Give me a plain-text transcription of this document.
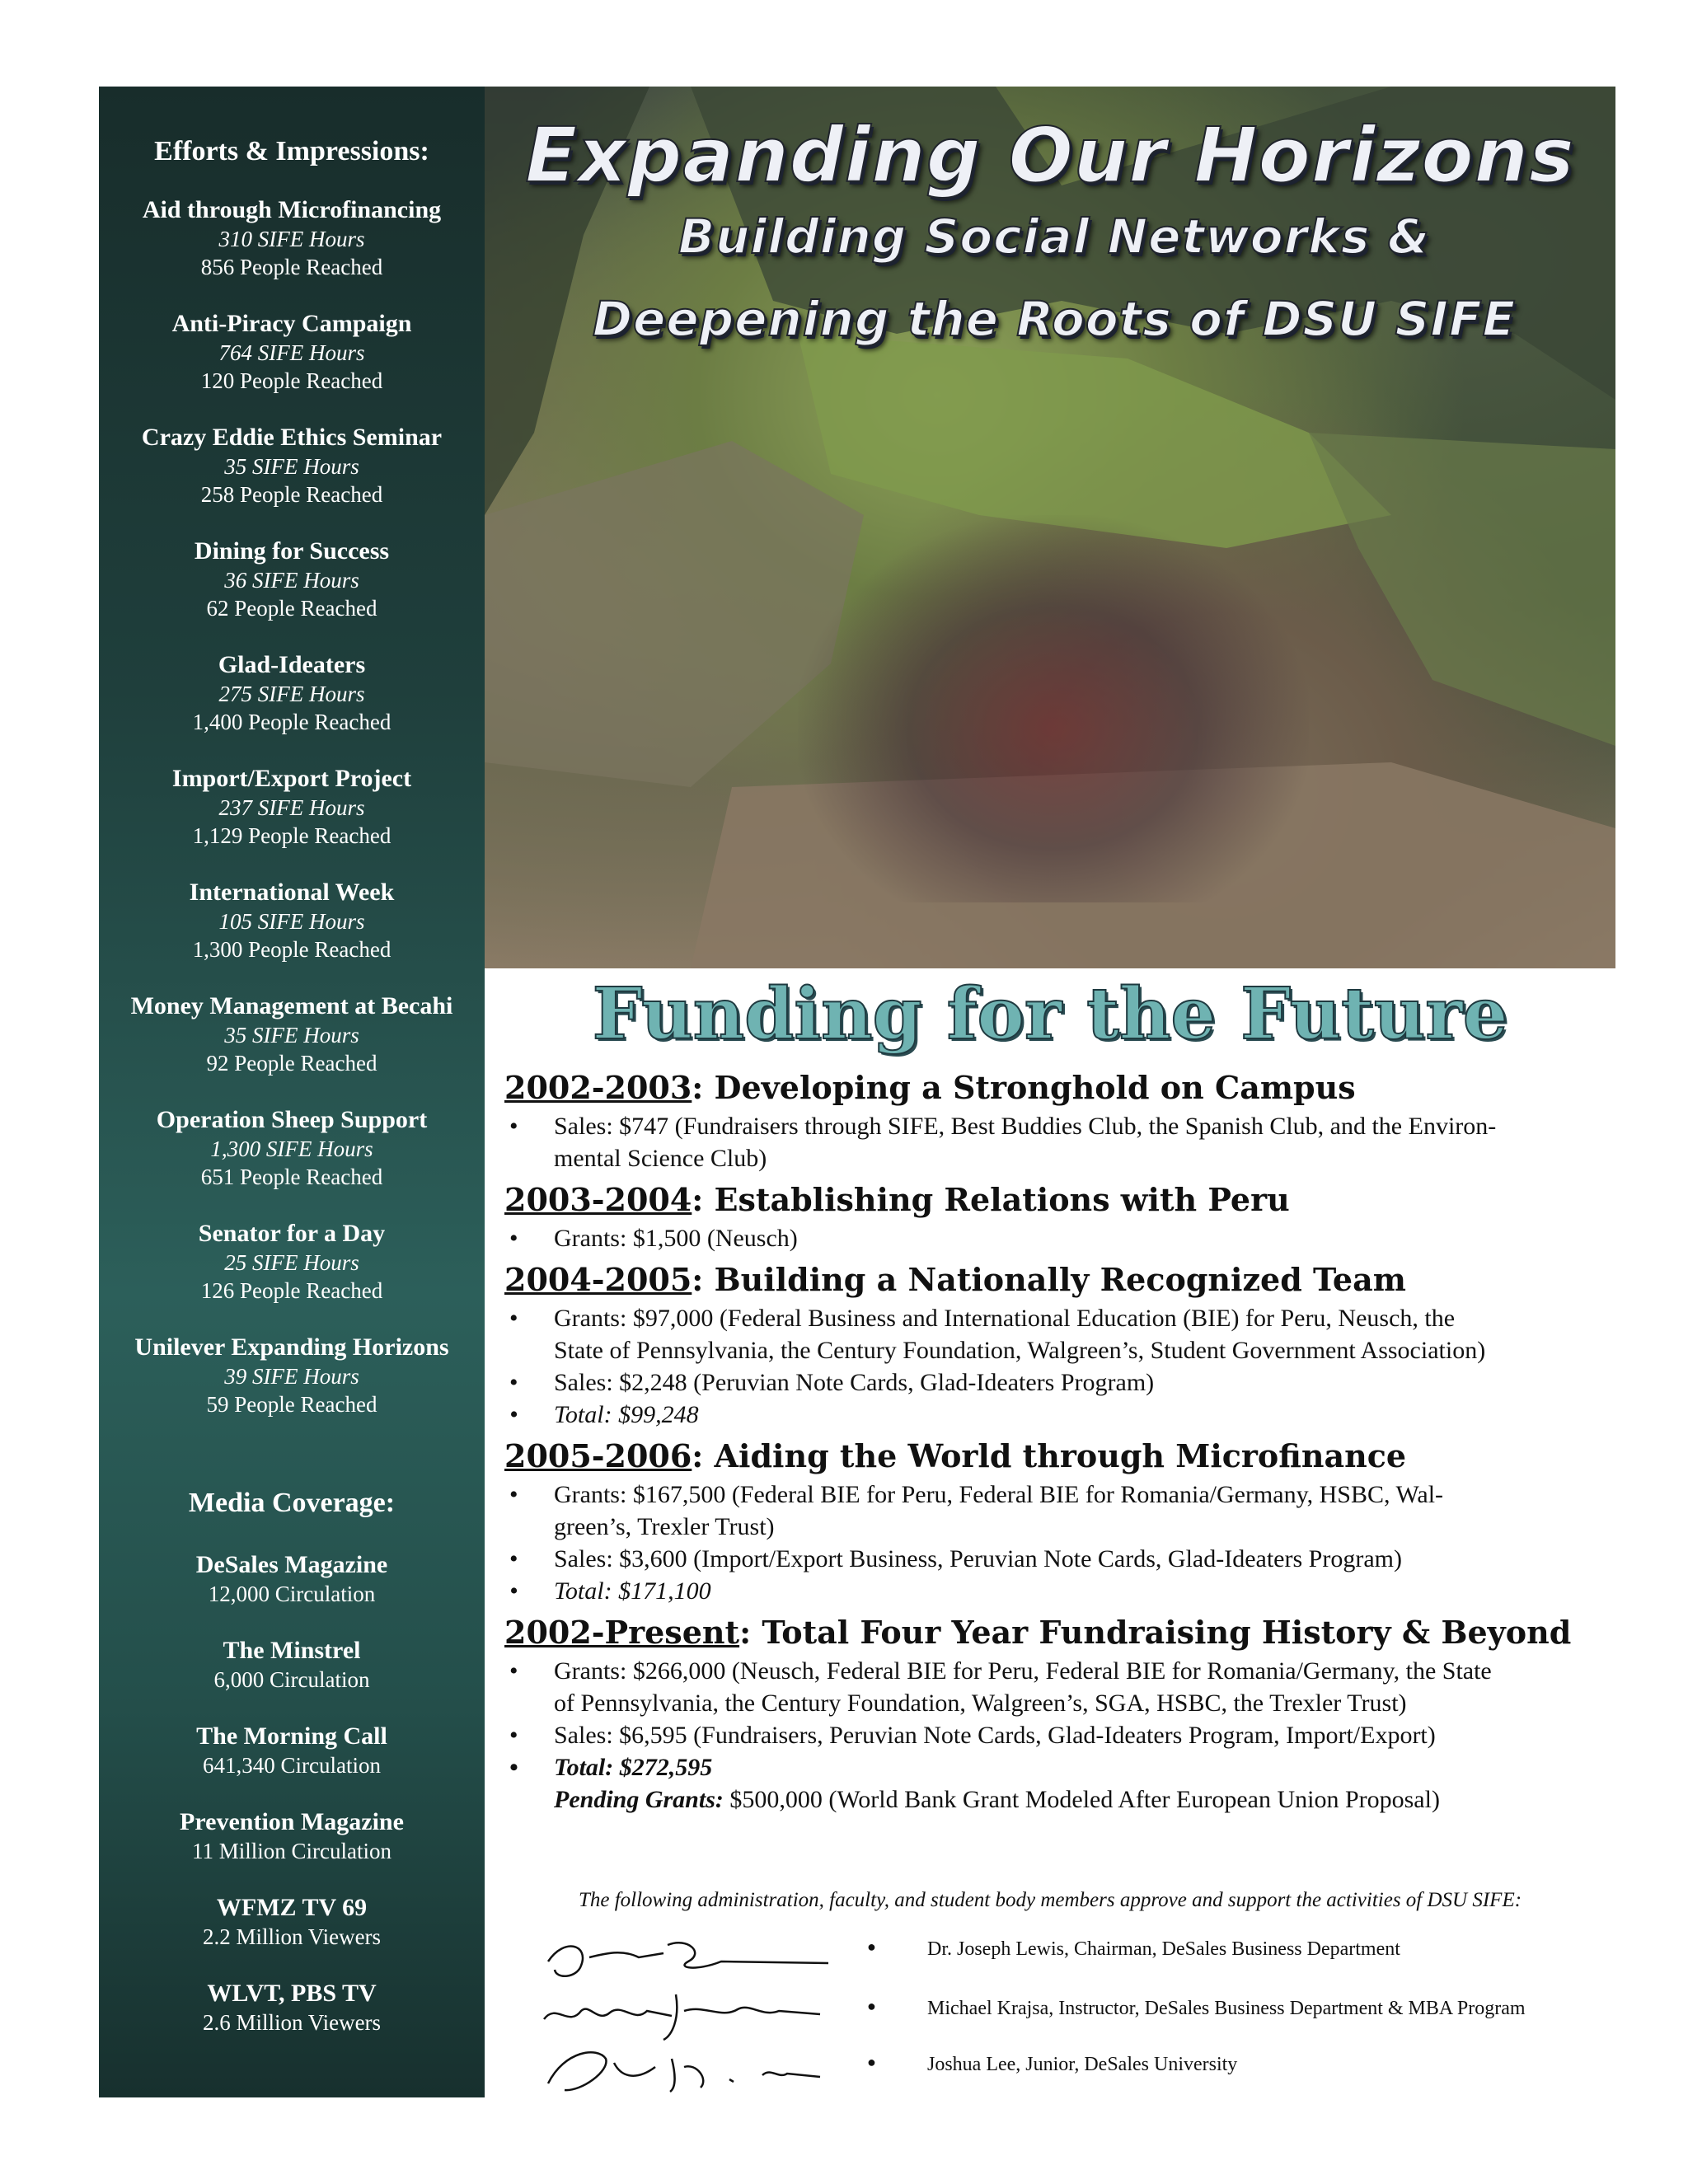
Efforts & Impressions:
Aid through Microfinancing
310 SIFE Hours
856 People Reached
Anti-Piracy Campaign
764 SIFE Hours
120 People Reached
Crazy Eddie Ethics Seminar
35 SIFE Hours
258 People Reached
Dining for Success
36 SIFE Hours
62 People Reached
Glad-Ideaters
275 SIFE Hours
1,400 People Reached
Import/Export Project
237 SIFE Hours
1,129 People Reached
International Week
105 SIFE Hours
1,300 People Reached
Money Management at Becahi
35 SIFE Hours
92 People Reached
Operation Sheep Support
1,300 SIFE Hours
651 People Reached
Senator for a Day
25 SIFE Hours
126 People Reached
Unilever Expanding Horizons
39 SIFE Hours
59 People Reached
Media Coverage:
DeSales Magazine
12,000 Circulation
The Minstrel
6,000 Circulation
The Morning Call
641,340 Circulation
Prevention Magazine
11 Million Circulation
WFMZ TV 69
2.2 Million Viewers
WLVT, PBS TV
2.6 Million Viewers
Expanding Our Horizons
Building Social Networks &
Deepening the Roots of DSU SIFE
Funding for the Future
2002-2003: Developing a Stronghold on Campus
• Sales: $747 (Fundraisers through SIFE, Best Buddies Club, the Spanish Club, and the Environ-
mental Science Club)
2003-2004: Establishing Relations with Peru
• Grants: $1,500 (Neusch)
2004-2005: Building a Nationally Recognized Team
• Grants: $97,000 (Federal Business and International Education (BIE) for Peru, Neusch, the
State of Pennsylvania, the Century Foundation, Walgreen’s, Student Government Association)
• Sales: $2,248 (Peruvian Note Cards, Glad-Ideaters Program)
• Total: $99,248
2005-2006: Aiding the World through Microfinance
• Grants: $167,500 (Federal BIE for Peru, Federal BIE for Romania/Germany, HSBC, Wal-
green’s, Trexler Trust)
• Sales: $3,600 (Import/Export Business, Peruvian Note Cards, Glad-Ideaters Program)
• Total: $171,100
2002-Present: Total Four Year Fundraising History & Beyond
• Grants: $266,000 (Neusch, Federal BIE for Peru, Federal BIE for Romania/Germany, the State
of Pennsylvania, the Century Foundation, Walgreen’s, SGA, HSBC, the Trexler Trust)
• Sales: $6,595 (Fundraisers, Peruvian Note Cards, Glad-Ideaters Program, Import/Export)
• Total: $272,595
Pending Grants: $500,000 (World Bank Grant Modeled After European Union Proposal)
The following administration, faculty, and student body members approve and support the activities of DSU SIFE:
● Dr. Joseph Lewis, Chairman, DeSales Business Department
● Michael Krajsa, Instructor, DeSales Business Department & MBA Program
● Joshua Lee, Junior, DeSales University
